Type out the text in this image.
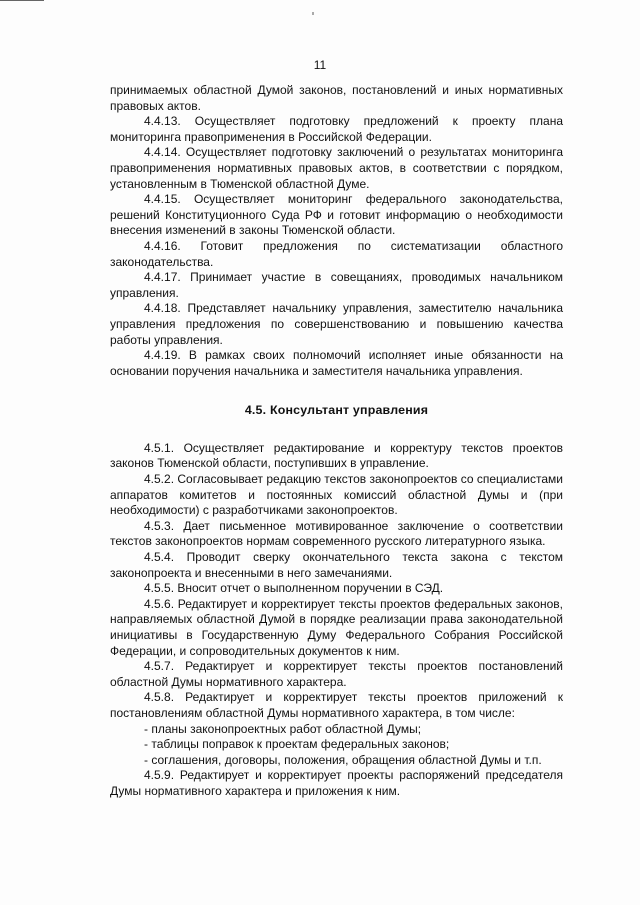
11

принимаемых областной Думой законов, постановлений и иных нормативных правовых актов.

4.4.13. Осуществляет подготовку предложений к проекту плана мониторинга правоприменения в Российской Федерации.

4.4.14. Осуществляет подготовку заключений о результатах мониторинга правоприменения нормативных правовых актов, в соответствии с порядком, установленным в Тюменской областной Думе.

4.4.15. Осуществляет мониторинг федерального законодательства, решений Конституционного Суда РФ и готовит информацию о необходимости внесения изменений в законы Тюменской области.

4.4.16. Готовит предложения по систематизации областного законодательства.

4.4.17. Принимает участие в совещаниях, проводимых начальником управления.

4.4.18. Представляет начальнику управления, заместителю начальника управления предложения по совершенствованию и повышению качества работы управления.

4.4.19. В рамках своих полномочий исполняет иные обязанности на основании поручения начальника и заместителя начальника управления.

4.5. Консультант управления

4.5.1. Осуществляет редактирование и корректуру текстов проектов законов Тюменской области, поступивших в управление.

4.5.2. Согласовывает редакцию текстов законопроектов со специалистами аппаратов комитетов и постоянных комиссий областной Думы и (при необходимости) с разработчиками законопроектов.

4.5.3. Дает письменное мотивированное заключение о соответствии текстов законопроектов нормам современного русского литературного языка.

4.5.4. Проводит сверку окончательного текста закона с текстом законопроекта и внесенными в него замечаниями.

4.5.5. Вносит отчет о выполненном поручении в СЭД.

4.5.6. Редактирует и корректирует тексты проектов федеральных законов, направляемых областной Думой в порядке реализации права законодательной инициативы в Государственную Думу Федерального Собрания Российской Федерации, и сопроводительных документов к ним.

4.5.7. Редактирует и корректирует тексты проектов постановлений областной Думы нормативного характера.

4.5.8. Редактирует и корректирует тексты проектов приложений к постановлениям областной Думы нормативного характера, в том числе:

- планы законопроектных работ областной Думы;

- таблицы поправок к проектам федеральных законов;

- соглашения, договоры, положения, обращения областной Думы и т.п.

4.5.9. Редактирует и корректирует проекты распоряжений председателя Думы нормативного характера и приложения к ним.
